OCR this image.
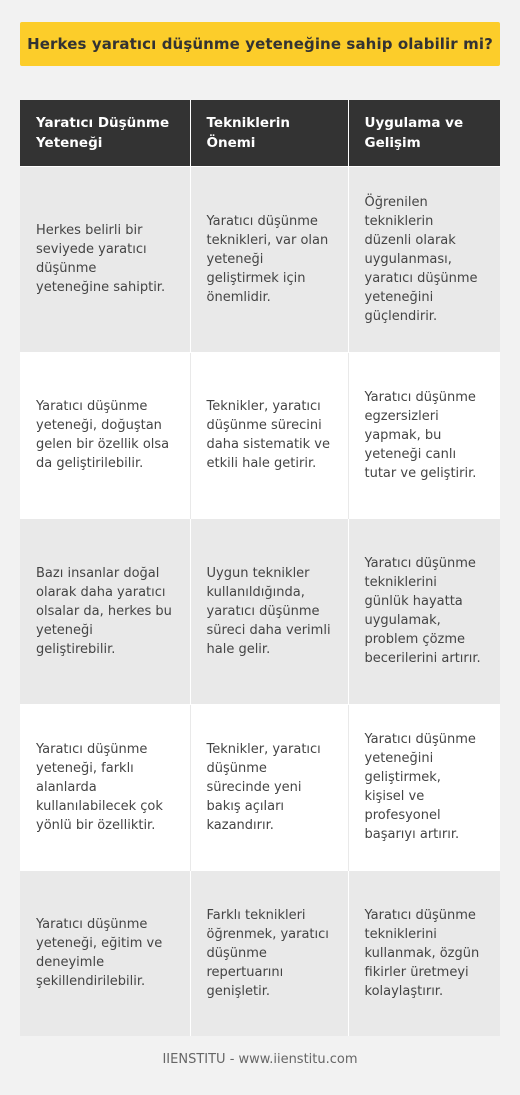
Herkes yaratıcı düşünme yeteneğine sahip olabilir mi?
Yaratıcı Düşünme Yeteneği	Tekniklerin Önemi	Uygulama ve Gelişim
Herkes belirli bir seviyede yaratıcı düşünme yeteneğine sahiptir.	Yaratıcı düşünme teknikleri, var olan yeteneği geliştirmek için önemlidir.	Öğrenilen tekniklerin düzenli olarak uygulanması, yaratıcı düşünme yeteneğini güçlendirir.
Yaratıcı düşünme yeteneği, doğuştan gelen bir özellik olsa da geliştirilebilir.	Teknikler, yaratıcı düşünme sürecini daha sistematik ve etkili hale getirir.	Yaratıcı düşünme egzersizleri yapmak, bu yeteneği canlı tutar ve geliştirir.
Bazı insanlar doğal olarak daha yaratıcı olsalar da, herkes bu yeteneği geliştirebilir.	Uygun teknikler kullanıldığında, yaratıcı düşünme süreci daha verimli hale gelir.	Yaratıcı düşünme tekniklerini günlük hayatta uygulamak, problem çözme becerilerini artırır.
Yaratıcı düşünme yeteneği, farklı alanlarda kullanılabilecek çok yönlü bir özelliktir.	Teknikler, yaratıcı düşünme sürecinde yeni bakış açıları kazandırır.	Yaratıcı düşünme yeteneğini geliştirmek, kişisel ve profesyonel başarıyı artırır.
Yaratıcı düşünme yeteneği, eğitim ve deneyimle şekillendirilebilir.	Farklı teknikleri öğrenmek, yaratıcı düşünme repertuarını genişletir.	Yaratıcı düşünme tekniklerini kullanmak, özgün fikirler üretmeyi kolaylaştırır.
IIENSTITU - www.iienstitu.com
